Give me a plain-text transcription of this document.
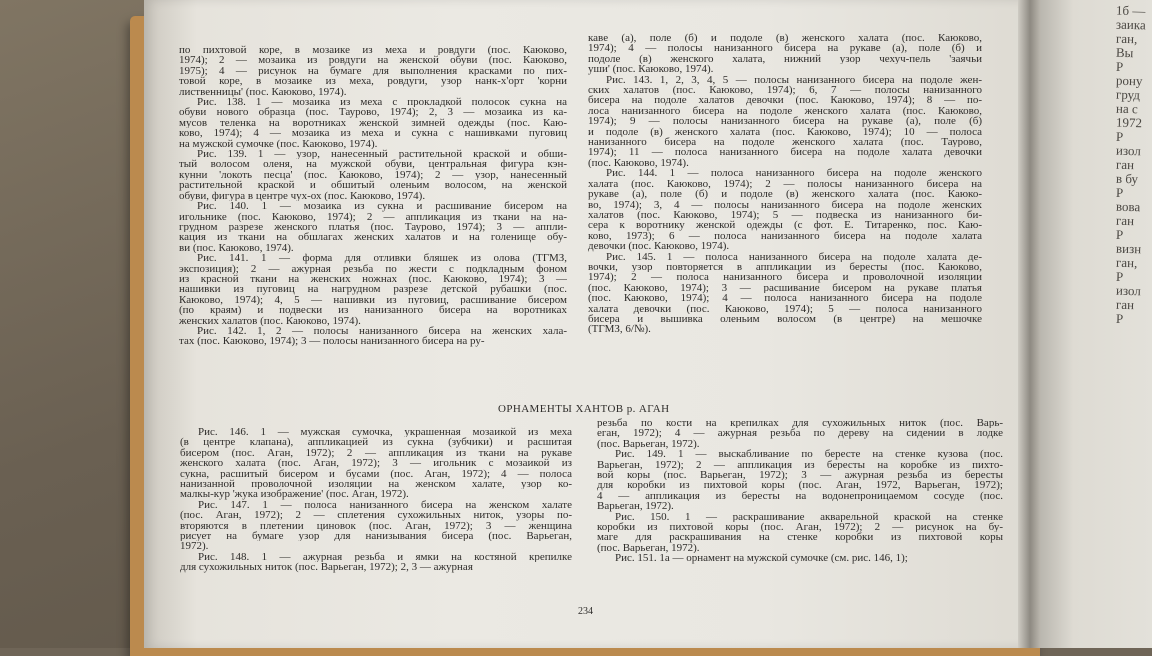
1б —
заика
ган,
Вы
Р
рону
груд
на с
1972
Р
изол
ган
в бу
Р
вова
ган
Р
визн
ган,
Р
изол
ган
Р

по пихтовой коре, в мозаике из меха и ровдуги (пос. Каюково,

1974); 2 — мозаика из ровдуги на женской обуви (пос. Каюково,

1975); 4 — рисунок на бумаге для выполнения красками по пих-

товой коре, в мозаике из меха, ровдуги, узор нанк-х'орт 'корни

лиственницы' (пос. Каюково, 1974).

Рис. 138. 1 — мозаика из меха с прокладкой полосок сукна на

обуви нового образца (пос. Таурово, 1974); 2, 3 — мозаика из ка-

мусов теленка на воротниках женской зимней одежды (пос. Каю-

ково, 1974); 4 — мозаика из меха и сукна с нашивками пуговиц

на мужской сумочке (пос. Каюково, 1974).

Рис. 139. 1 — узор, нанесенный растительной краской и обши-

тый волосом оленя, на мужской обуви, центральная фигура кэн-

кунни 'локоть песца' (пос. Каюково, 1974); 2 — узор, нанесенный

растительной краской и обшитый оленьим волосом, на женской

обуви, фигура в центре чух-ох (пос. Каюково, 1974).

Рис. 140. 1 — мозаика из сукна и расшивание бисером на

игольнике (пос. Каюково, 1974); 2 — аппликация из ткани на на-

грудном разрезе женского платья (пос. Таурово, 1974); 3 — аппли-

кация из ткани на обшлагах женских халатов и на голенище обу-

ви (пос. Каюково, 1974).

Рис. 141. 1 — форма для отливки бляшек из олова (ТГМЗ,

экспозиция); 2 — ажурная резьба по жести с подкладным фоном

из красной ткани на женских ножнах (пос. Каюково, 1974); 3 —

нашивки из пуговиц на нагрудном разрезе детской рубашки (пос.

Каюково, 1974); 4, 5 — нашивки из пуговиц, расшивание бисером

(по краям) и подвески из нанизанного бисера на воротниках

женских халатов (пос. Каюково, 1974).

Рис. 142. 1, 2 — полосы нанизанного бисера на женских хала-

тах (пос. Каюково, 1974); 3 — полосы нанизанного бисера на ру-

каве (а), поле (б) и подоле (в) женского халата (пос. Каюково,

1974); 4 — полосы нанизанного бисера на рукаве (а), поле (б) и

подоле (в) женского халата, нижний узор чехуч-пель 'заячьи

уши' (пос. Каюково, 1974).

Рис. 143. 1, 2, 3, 4, 5 — полосы нанизанного бисера на подоле жен-

ских халатов (пос. Каюково, 1974); 6, 7 — полосы нанизанного

бисера на подоле халатов девочки (пос. Каюково, 1974); 8 — по-

лоса нанизанного бисера на подоле женского халата (пос. Каюково,

1974); 9 — полосы нанизанного бисера на рукаве (а), поле (б)

и подоле (в) женского халата (пос. Каюково, 1974); 10 — полоса

нанизанного бисера на подоле женского халата (пос. Таурово,

1974); 11 — полоса нанизанного бисера на подоле халата девочки

(пос. Каюково, 1974).

Рис. 144. 1 — полоса нанизанного бисера на подоле женского

халата (пос. Каюково, 1974); 2 — полосы нанизанного бисера на

рукаве (а), поле (б) и подоле (в) женского халата (пос. Каюко-

во, 1974); 3, 4 — полосы нанизанного бисера на подоле женских

халатов (пос. Каюково, 1974); 5 — подвеска из нанизанного би-

сера к воротнику женской одежды (с фот. Е. Титаренко, пос. Каю-

ково, 1973); 6 — полоса нанизанного бисера на подоле халата

девочки (пос. Каюково, 1974).

Рис. 145. 1 — полоса нанизанного бисера на подоле халата де-

вочки, узор повторяется в аппликации из бересты (пос. Каюково,

1974); 2 — полоса нанизанного бисера и проволочной изоляции

(пос. Каюково, 1974); 3 — расшивание бисером на рукаве платья

(пос. Каюково, 1974); 4 — полоса нанизанного бисера на подоле

халата девочки (пос. Каюково, 1974); 5 — полоса нанизанного

бисера и вышивка оленьим волосом (в центре) на мешочке

(ТГМЗ, 6/№).

ОРНАМЕНТЫ ХАНТОВ р. АГАН

Рис. 146. 1 — мужская сумочка, украшенная мозаикой из меха

(в центре клапана), аппликацией из сукна (зубчики) и расшитая

бисером (пос. Аган, 1972); 2 — аппликация из ткани на рукаве

женского халата (пос. Аган, 1972); 3 — игольник с мозаикой из

сукна, расшитый бисером и бусами (пос. Аган, 1972); 4 — полоса

нанизанной проволочной изоляции на женском халате, узор ко-

малкы-кур 'жука изображение' (пос. Аган, 1972).

Рис. 147. 1 — полоса нанизанного бисера на женском халате

(пос. Аган, 1972); 2 — сплетения сухожильных ниток, узоры по-

вторяются в плетении циновок (пос. Аган, 1972); 3 — женщина

рисует на бумаге узор для нанизывания бисера (пос. Варьеган,

1972).

Рис. 148. 1 — ажурная резьба и ямки на костяной крепилке

для сухожильных ниток (пос. Варьеган, 1972); 2, 3 — ажурная

резьба по кости на крепилках для сухожильных ниток (пос. Варь-

еган, 1972); 4 — ажурная резьба по дереву на сидении в лодке

(пос. Варьеган, 1972).

Рис. 149. 1 — выскабливание по бересте на стенке кузова (пос.

Варьеган, 1972); 2 — аппликация из бересты на коробке из пихто-

вой коры (пос. Варьеган, 1972); 3 — ажурная резьба из бересты

для коробки из пихтовой коры (пос. Аган, 1972, Варьеган, 1972);

4 — аппликация из бересты на водонепроницаемом сосуде (пос.

Варьеган, 1972).

Рис. 150. 1 — раскрашивание акварельной краской на стенке

коробки из пихтовой коры (пос. Аган, 1972); 2 — рисунок на бу-

маге для раскрашивания на стенке коробки из пихтовой коры

(пос. Варьеган, 1972).

Рис. 151. 1а — орнамент на мужской сумочке (см. рис. 146, 1);

234
